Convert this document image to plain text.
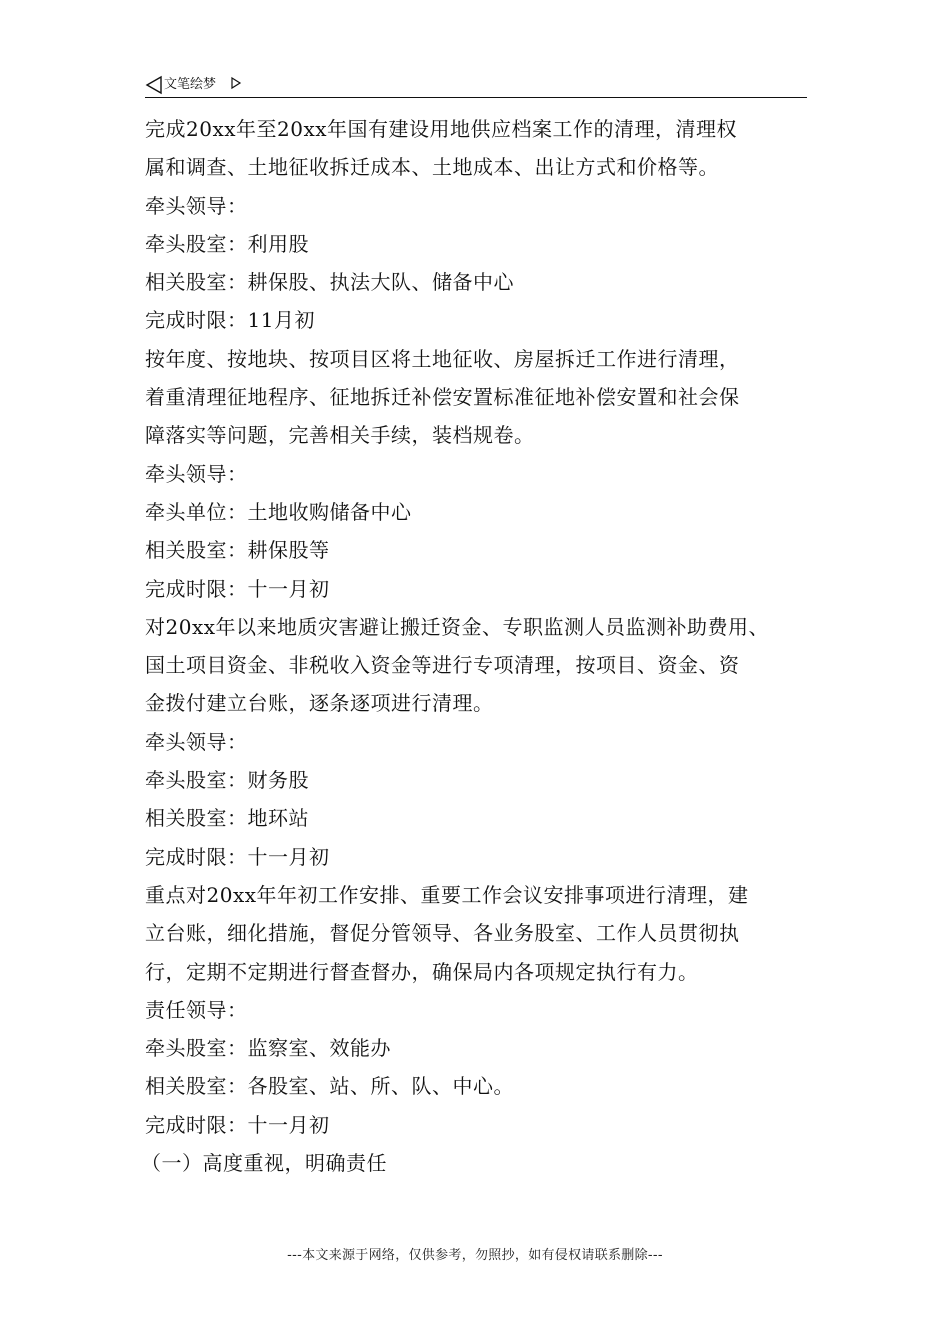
文笔绘梦
完成20xx年至20xx年国有建设用地供应档案工作的清理，清理权
属和调查、土地征收拆迁成本、土地成本、出让方式和价格等。
牵头领导：
牵头股室：利用股
相关股室：耕保股、执法大队、储备中心
完成时限：11月初
按年度、按地块、按项目区将土地征收、房屋拆迁工作进行清理，
着重清理征地程序、征地拆迁补偿安置标准征地补偿安置和社会保
障落实等问题，完善相关手续，装档规卷。
牵头领导：
牵头单位：土地收购储备中心
相关股室：耕保股等
完成时限：十一月初
对20xx年以来地质灾害避让搬迁资金、专职监测人员监测补助费用、
国土项目资金、非税收入资金等进行专项清理，按项目、资金、资
金拨付建立台账，逐条逐项进行清理。
牵头领导：
牵头股室：财务股
相关股室：地环站
完成时限：十一月初
重点对20xx年年初工作安排、重要工作会议安排事项进行清理，建
立台账，细化措施，督促分管领导、各业务股室、工作人员贯彻执
行，定期不定期进行督查督办，确保局内各项规定执行有力。
责任领导：
牵头股室：监察室、效能办
相关股室：各股室、站、所、队、中心。
完成时限：十一月初
（一）高度重视，明确责任
---本文来源于网络，仅供参考，勿照抄，如有侵权请联系删除---
